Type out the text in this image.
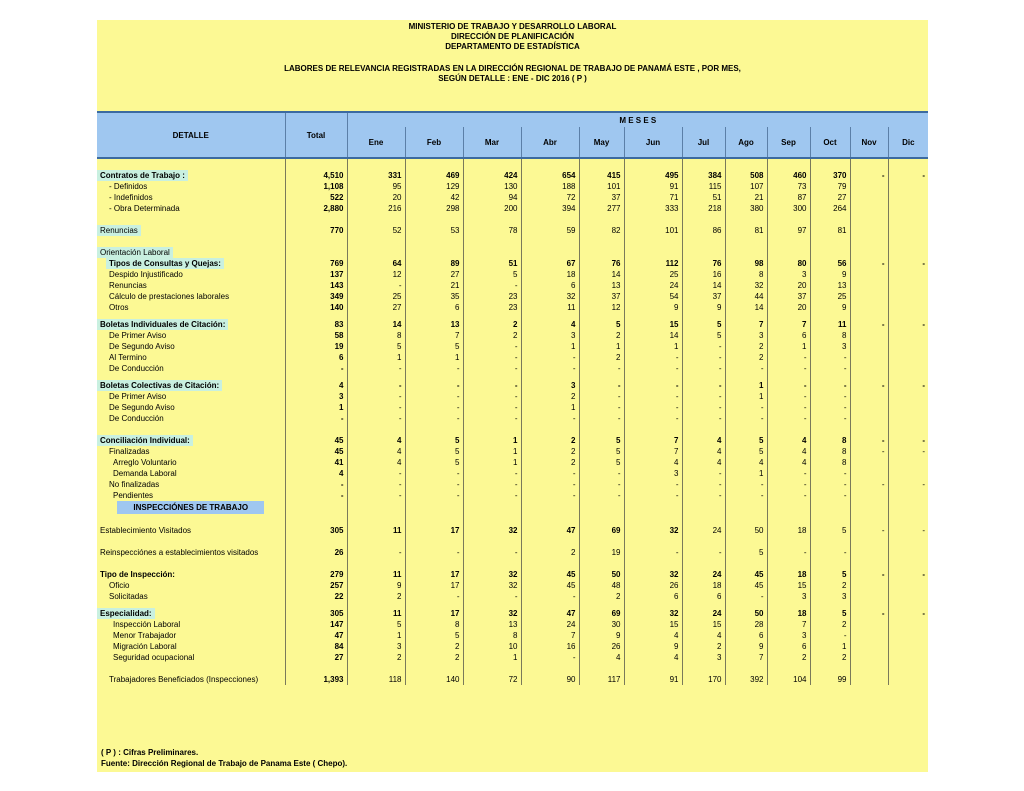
MINISTERIO DE TRABAJO Y DESARROLLO LABORAL
DIRECCIÓN DE PLANIFICACIÓN
DEPARTAMENTO DE ESTADÍSTICA
LABORES DE RELEVANCIA REGISTRADAS EN LA DIRECCIÓN REGIONAL DE TRABAJO DE PANAMÁ ESTE , POR MES,
SEGÚN DETALLE : ENE - DIC 2016 ( P )
DETALLE	Total	M E S E S											
		Ene	Feb	Mar	Abr	May	Jun	Jul	Ago	Sep	Oct	Nov	Dic

Contratos de Trabajo :	4,510	331	469	424	654	415	495	384	508	460	370	-	-
- Definidos	1,108	95	129	130	188	101	91	115	107	73	79		
- Indefinidos	522	20	42	94	72	37	71	51	21	87	27		
- Obra Determinada	2,880	216	298	200	394	277	333	218	380	300	264		

Renuncias	770	52	53	78	59	82	101	86	81	97	81		

Orientación Laboral													
Tipos de Consultas y Quejas:	769	64	89	51	67	76	112	76	98	80	56	-	-
Despido Injustificado	137	12	27	5	18	14	25	16	8	3	9		
Renuncias	143	-	21	-	6	13	24	14	32	20	13		
Cálculo de prestaciones laborales	349	25	35	23	32	37	54	37	44	37	25		
Otros	140	27	6	23	11	12	9	9	14	20	9		

Boletas Individuales de Citación:	83	14	13	2	4	5	15	5	7	7	11	-	-
De Primer Aviso	58	8	7	2	3	2	14	5	3	6	8		
De Segundo Aviso	19	5	5	-	1	1	1	-	2	1	3		
Al Termino	6	1	1	-	-	2	-	-	2	-	-		
De Conducción	-	-	-	-	-	-	-	-	-	-	-		

Boletas Colectivas de Citación:	4	-	-	-	3	-	-	-	1	-	-	-	-
De Primer Aviso	3	-	-	-	2	-	-	-	1	-	-		
De Segundo Aviso	1	-	-	-	1	-	-	-	-	-	-		
De Conducción	-	-	-	-	-	-	-	-	-	-	-		

Conciliación Individual:	45	4	5	1	2	5	7	4	5	4	8	-	-
Finalizadas	45	4	5	1	2	5	7	4	5	4	8	-	-
Arreglo Voluntario	41	4	5	1	2	5	4	4	4	4	8		
Demanda Laboral	4	-	-	-	-	-	3	-	1	-	-		
No finalizadas	-	-	-	-	-	-	-	-	-	-	-	-	-
Pendientes	-	-	-	-	-	-	-	-	-	-	-		
INSPECCIÓNES DE TRABAJO													

Establecimiento Visitados	305	11	17	32	47	69	32	24	50	18	5	-	-

Reinspecciónes a establecimientos visitados	26	-	-	-	2	19	-	-	5	-	-		

Tipo de Inspección:	279	11	17	32	45	50	32	24	45	18	5	-	-
Oficio	257	9	17	32	45	48	26	18	45	15	2		
Solicitadas	22	2	-	-	-	2	6	6	-	3	3		

Especialidad:	305	11	17	32	47	69	32	24	50	18	5	-	-
Inspección Laboral	147	5	8	13	24	30	15	15	28	7	2		
Menor Trabajador	47	1	5	8	7	9	4	4	6	3	-		
Migración Laboral	84	3	2	10	16	26	9	2	9	6	1		
Seguridad ocupacional	27	2	2	1	-	4	4	3	7	2	2		

Trabajadores Beneficiados (Inspecciones)	1,393	118	140	72	90	117	91	170	392	104	99		
( P ) : Cifras Preliminares.
Fuente: Dirección Regional de Trabajo de Panama Este ( Chepo).
